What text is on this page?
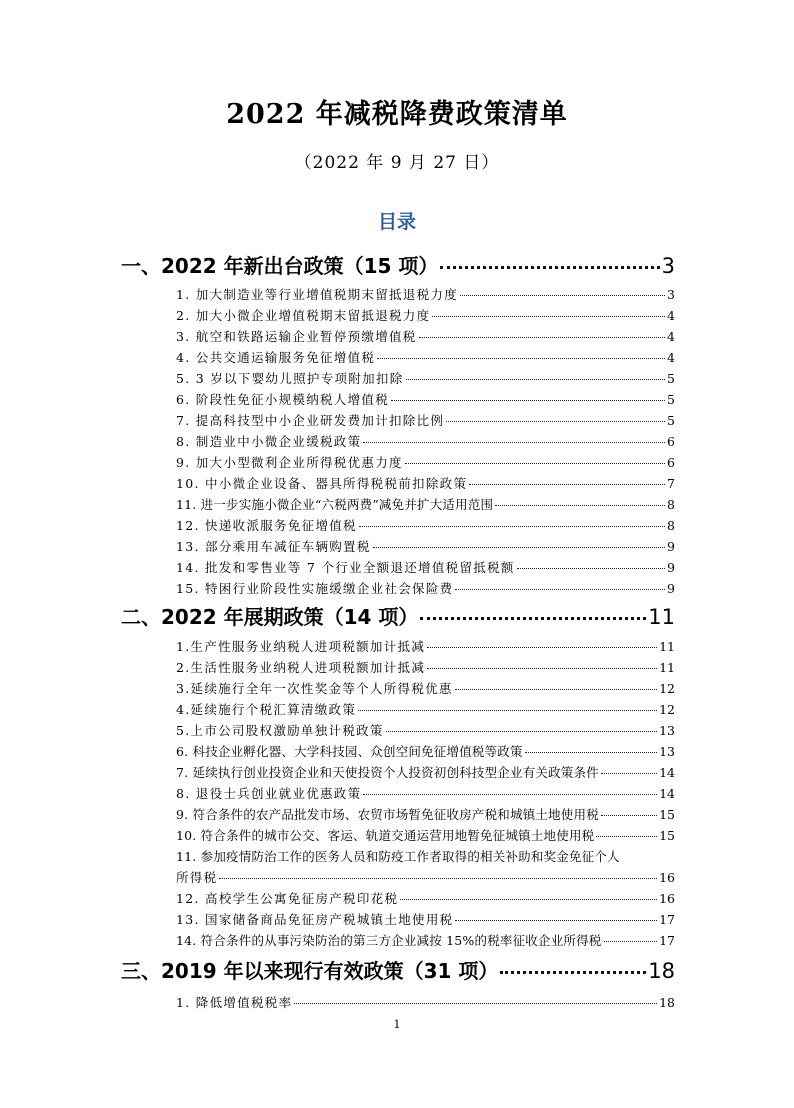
2022 年减税降费政策清单
（2022 年 9 月 27 日）
目录
一、2022 年新出台政策（15 项）	3
1. 加大制造业等行业增值税期末留抵退税力度	3
2. 加大小微企业增值税期末留抵退税力度	4
3. 航空和铁路运输企业暂停预缴增值税	4
4. 公共交通运输服务免征增值税	4
5. 3 岁以下婴幼儿照护专项附加扣除	5
6. 阶段性免征小规模纳税人增值税	5
7. 提高科技型中小企业研发费加计扣除比例	5
8. 制造业中小微企业缓税政策	6
9. 加大小型微利企业所得税优惠力度	6
10. 中小微企业设备、器具所得税税前扣除政策	7
11. 进一步实施小微企业“六税两费”减免并扩大适用范围	8
12. 快递收派服务免征增值税	8
13. 部分乘用车减征车辆购置税	9
14. 批发和零售业等 7 个行业全额退还增值税留抵税额	9
15. 特困行业阶段性实施缓缴企业社会保险费	9
二、2022 年展期政策（14 项）	11
1.生产性服务业纳税人进项税额加计抵减	11
2.生活性服务业纳税人进项税额加计抵减	11
3.延续施行全年一次性奖金等个人所得税优惠	12
4.延续施行个税汇算清缴政策	12
5.上市公司股权激励单独计税政策	13
6. 科技企业孵化器、大学科技园、众创空间免征增值税等政策	13
7. 延续执行创业投资企业和天使投资个人投资初创科技型企业有关政策条件	14
8. 退役士兵创业就业优惠政策	14
9. 符合条件的农产品批发市场、农贸市场暂免征收房产税和城镇土地使用税	15
10. 符合条件的城市公交、客运、轨道交通运营用地暂免征城镇土地使用税	15
11. 参加疫情防治工作的医务人员和防疫工作者取得的相关补助和奖金免征个人
所得税	16
12. 高校学生公寓免征房产税印花税	16
13. 国家储备商品免征房产税城镇土地使用税	17
14. 符合条件的从事污染防治的第三方企业减按 15%的税率征收企业所得税	17
三、2019 年以来现行有效政策（31 项）	18
1. 降低增值税税率	18
1
